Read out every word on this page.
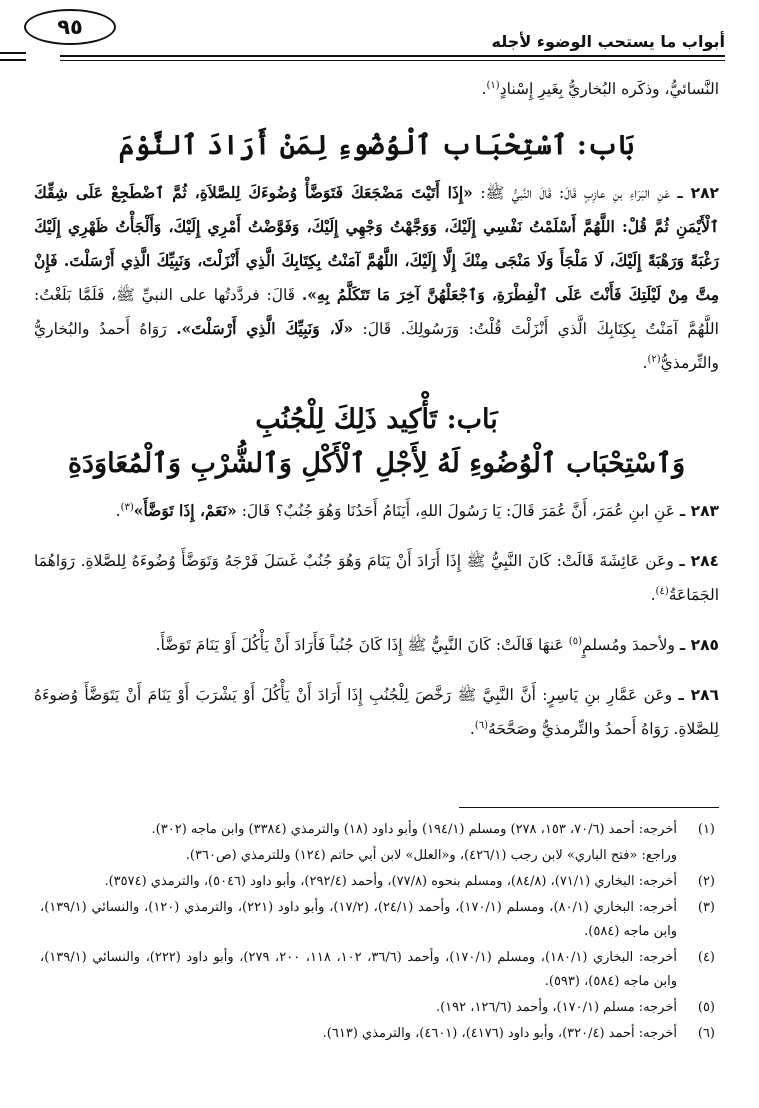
أبواب ما يستحب الوضوء لأجله
٩٥

النَّسائيُّ، وذكَره البُخاريُّ بِغَيرِ إِسْنادٍ$^{(١)}$.

بَاب: ٱسْتِحْبَاب ٱلْوُضُوءِ لِمَنْ أَرَادَ ٱلنَّوْمَ

٢٨٢ ـ عَنِ البَرَاءِ بنِ عازِبٍ قَالَ: قَالَ النَّبيُّ ﷺ: «إِذَا أَتَيْتَ مَضْجَعَكَ فَتَوَضَّأْ وُضُوءَكَ لِلصَّلاَةِ، ثُمَّ ٱضْطَجِعْ عَلَى شِقِّكَ ٱلْأَيْمَنِ ثُمَّ قُلْ: اللَّهُمَّ أَسْلَمْتُ نَفْسِي إِلَيْكَ، وَوَجَّهْتُ وَجْهِي إِلَيْكَ، وَفَوَّضْتُ أَمْرِي إِلَيْكَ، وَأَلْجَأْتُ ظَهْرِي إِلَيْكَ رَغْبَةً وَرَهْبَةً إِلَيْكَ، لَا مَلْجَأَ وَلَا مَنْجَى مِنْكَ إِلَّا إِلَيْكَ، اللَّهُمَّ آمَنْتُ بِكِتَابِكَ الَّذِي أَنْزَلْتَ، وَنَبِيِّكَ الَّذِي أَرْسَلْتَ. فَإِنْ مِتَّ مِنْ لَيْلَتِكَ فَأَنْتَ عَلَى ٱلْفِطْرَةِ، وَٱجْعَلْهُنَّ آخِرَ مَا تَتَكَلَّمُ بِهِ». قَالَ: فردَّدتُها على النبيِّ ﷺ، فَلَمَّا بَلَغْتُ: اللَّهُمَّ آمَنْتُ بِكِتَابِكَ الَّذي أَنْزَلْتَ قُلْتُ: وَرَسُولِكَ. قَالَ: «لَا، وَنَبِيِّكَ الَّذِي أَرْسَلْتَ». رَوَاهُ أَحمدُ والبُخاريُّ والتِّرمذيُّ$^{(٢)}$.

بَاب: تَأْكِيد ذَلِكَ لِلْجُنُبِ
وَٱسْتِحْبَاب ٱلْوُضُوءِ لَهُ لِأَجْلِ ٱلْأَكْلِ وَٱلشُّرْبِ وَٱلْمُعَاوَدَةِ

٢٨٣ ـ عَنِ ابنِ عُمَرَ، أَنَّ عُمَرَ قَالَ: يَا رَسُولَ اللهِ، أَيَنَامُ أَحَدُنَا وَهُوَ جُنُبٌ؟ قَالَ: «نَعَمْ، إِذَا تَوَضَّأَ»$^{(٣)}$.

٢٨٤ ـ وعَن عَائِشَةَ قَالَتْ: كَانَ النَّبِيُّ ﷺ إِذَا أَرَادَ أَنْ يَنَامَ وَهُوَ جُنُبٌ غَسَلَ فَرْجَهُ وَتَوَضَّأَ وُضُوءَهُ لِلصَّلاةِ. رَوَاهُمَا الجَمَاعَةُ$^{(٤)}$.

٢٨٥ ـ ولأحمدَ ومُسلمٍ$^{(٥)}$ عَنهَا قَالَتْ: كَانَ النَّبِيُّ ﷺ إِذَا كَانَ جُنُباً فَأَرَادَ أَنْ يَأْكُلَ أَوْ يَنَامَ تَوَضَّأَ.

٢٨٦ ـ وعَن عَمَّارِ بنِ يَاسِرٍ: أَنَّ النَّبِيَّ ﷺ رَخَّصَ لِلْجُنُبِ إِذَا أَرَادَ أَنْ يَأْكُلَ أَوْ يَشْرَبَ أَوْ يَنَامَ أَنْ يَتَوَضَّأَ وُضوءَهُ لِلصَّلاةِ. رَوَاهُ أَحمدُ والتِّرمذيُّ وصَحَّحَهُ$^{(٦)}$.

(١)
أخرجه: أحمد (٧٠/٦، ١٥٣، ٢٧٨) ومسلم (١٩٤/١) وأبو داود (١٨) والترمذي (٣٣٨٤) وابن ماجه (٣٠٢).

وراجع: «فتح الباري» لابن رجب (٤٢٦/١)، و«العلل» لابن أبي حاتم (١٢٤) وللترمذي (ص٣٦٠).

(٢)
أخرجه: البخاري (٧١/١)، (٨٤/٨)، ومسلم بنحوه (٧٧/٨)، وأحمد (٢٩٢/٤)، وأبو داود (٥٠٤٦)، والترمذي (٣٥٧٤).
(٣)
أخرجه: البخاري (٨٠/١)، ومسلم (١٧٠/١)، وأحمد (٢٤/١)، (١٧/٢)، وأبو داود (٢٢١)، والترمذي (١٢٠)، والنسائي (١٣٩/١)، وابن ماجه (٥٨٤).
(٤)
أخرجه: البخاري (١٨٠/١)، ومسلم (١٧٠/١)، وأحمد (٣٦/٦، ١٠٢، ١١٨، ٢٠٠، ٢٧٩)، وأبو داود (٢٢٢)، والنسائي (١٣٩/١)، وابن ماجه (٥٨٤)، (٥٩٣).
(٥)
أخرجه: مسلم (١٧٠/١)، وأحمد (١٢٦/٦، ١٩٢).
(٦)
أخرجه: أحمد (٣٢٠/٤)، وأبو داود (٤١٧٦)، (٤٦٠١)، والترمذي (٦١٣).
